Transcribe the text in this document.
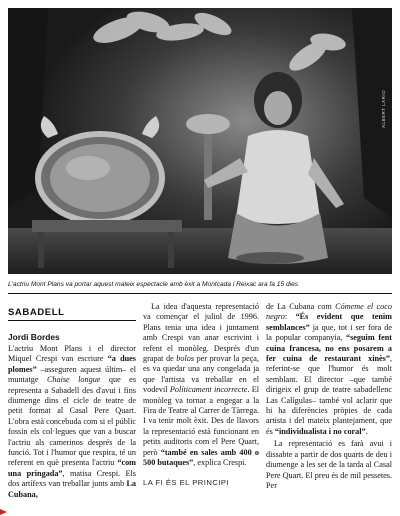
ALBERT LARIO
L'actriu Mont Plans va portar aquest mateix espectacle amb èxit a Montcada i Reixac ara fa 15 dies
SABADELL
Jordi Bordes

L'actriu Mont Plans i el director Miquel Crespi van escriure “a dues plomes” –asseguren aquest últim– el muntatge Chaise longue que es representa a Sabadell des d'avui i fins diumenge dins el cicle de teatre de petit format al Casal Pere Quart. L'obra està concebuda com si el públic fossin els col·legues que van a buscar l'actriu als camerinos després de la funció. Tot i l'humor que respira, té un referent en què presenta l'actriu “com una pringada”, matisa Crespi. Els dos artífexs van treballar junts amb La Cubana,

La idea d'aquesta representació va començar el juliol de 1996. Plans tenia una idea i juntament amb Crespi van anar escrivint i refent el monòleg. Després d'un grapat de bolos per provar la peça, es va quedar una any congelada ja que l'artista va treballar en el vodevil Políticament incorrecte. El monòleg va tornar a engegar a la Fira de Teatre al Carrer de Tàrrega. I va tenir molt èxit. Des de llavors la representació està funcionant en petits auditoris com el Pere Quart, però “també en sales amb 400 o 500 butaques”, explica Crespi.

LA FI ÉS EL PRINCIPI

de La Cubana com Cómeme el coco negro: “És evident que tenim semblances” ja que, tot i ser fora de la popular companyia, “seguim fent cuina francesa, no ens posarem a fer cuina de restaurant xinès”, referint-se que l'humor és molt semblant. El director –que també dirigeix el grup de teatre sabadellenc Las Calígulas– també vol aclarir que hi ha diferències pròpies de cada artista i del mateix plantejament, que és “individualista i no coral”.

La representació es farà avui i dissabte a partir de dos quarts de deu i diumenge a les set de la tarda al Casal Pere Quart. El preu és de mil pessetes. Per
